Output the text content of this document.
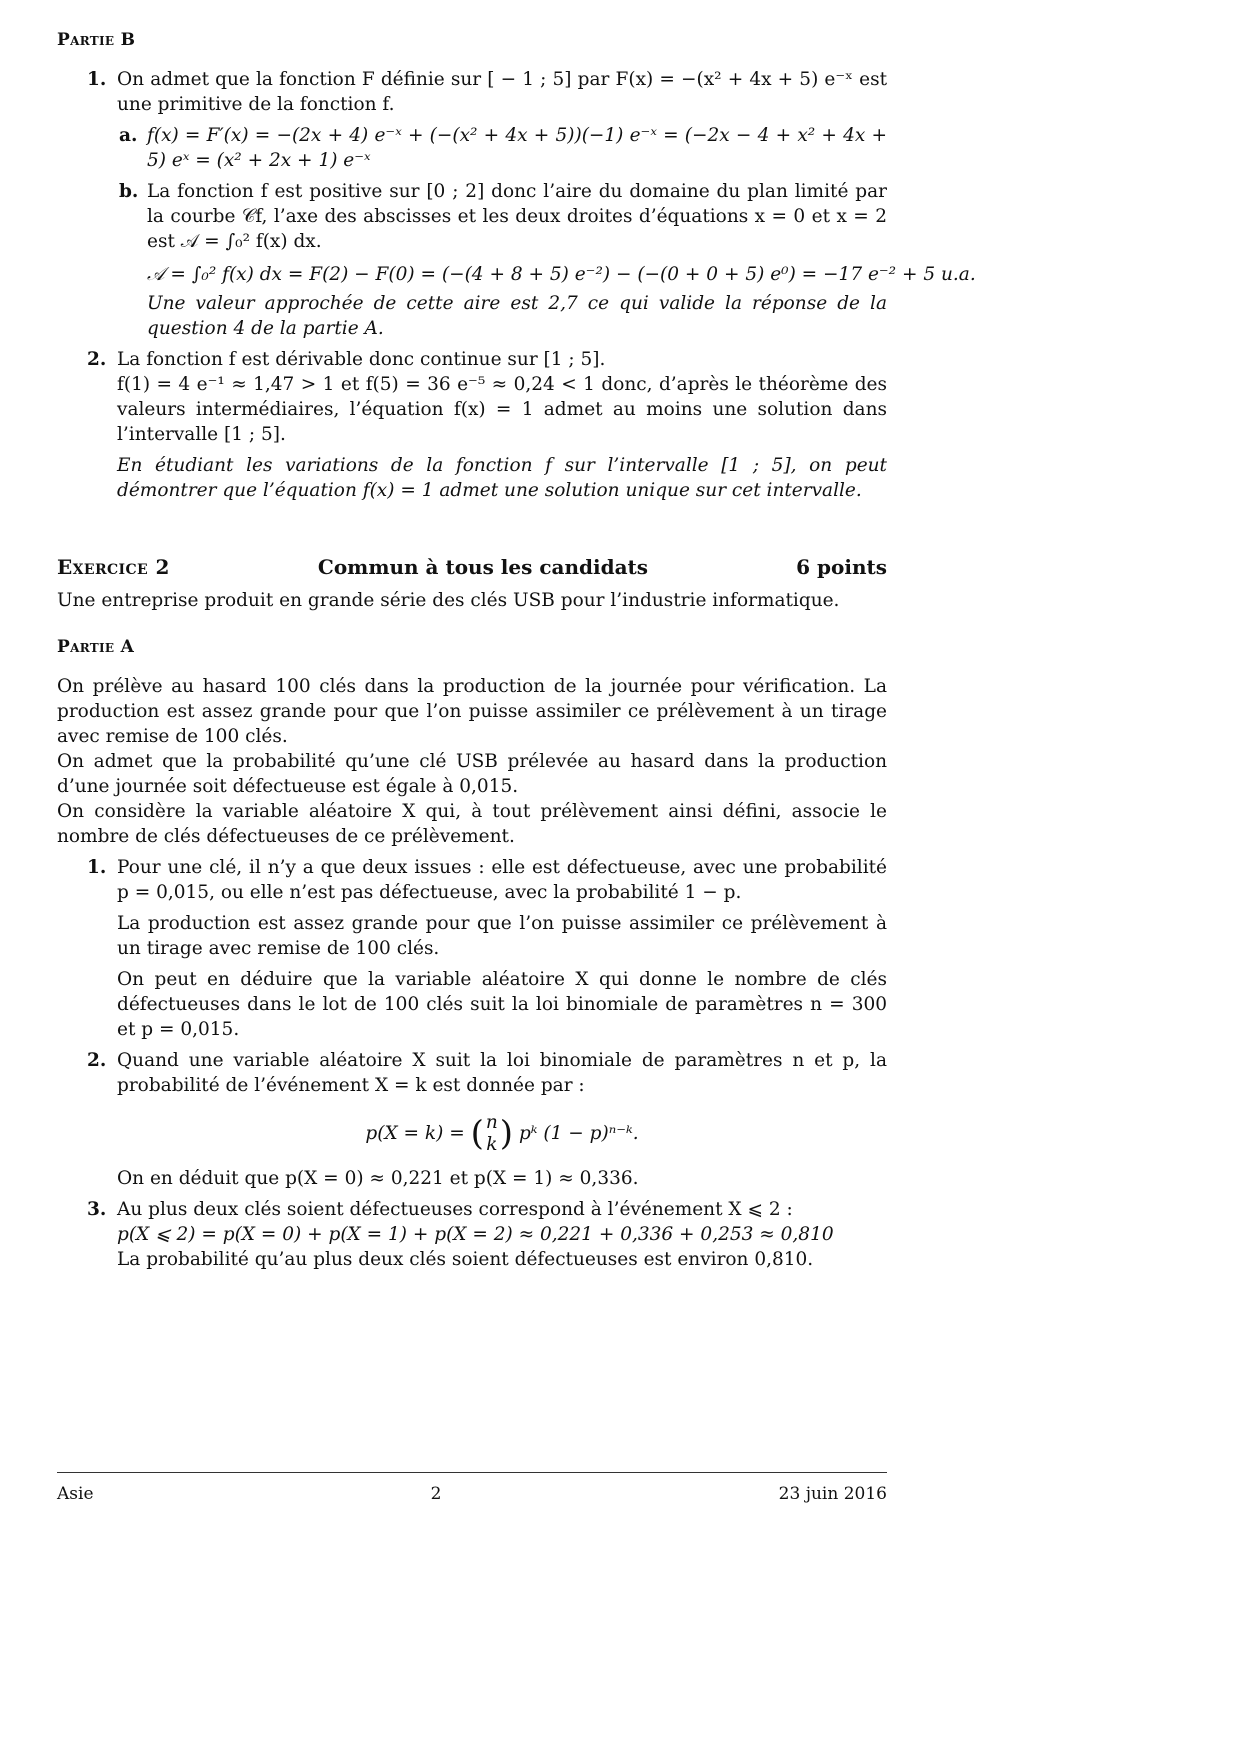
Partie B
1. On admet que la fonction F définie sur [ − 1 ; 5] par F(x) = −(x² + 4x + 5) e⁻ˣ est une primitive de la fonction f.

a. f(x) = F′(x) = −(2x + 4) e⁻ˣ + (−(x² + 4x + 5))(−1) e⁻ˣ = (−2x − 4 + x² + 4x + 5) eˣ = (x² + 2x + 1) e⁻ˣ

b. La fonction f est positive sur [0 ; 2] donc l’aire du domaine du plan limité par la courbe 𝒞f, l’axe des abscisses et les deux droites d’équations x = 0 et x = 2 est 𝒜 = ∫₀² f(x) dx.

𝒜 = ∫₀² f(x) dx = F(2) − F(0) = (−(4 + 8 + 5) e⁻²) − (−(0 + 0 + 5) e⁰) = −17 e⁻² + 5 u.a.

Une valeur approchée de cette aire est 2,7 ce qui valide la réponse de la question 4 de la partie A.

2. La fonction f est dérivable donc continue sur [1 ; 5].

f(1) = 4 e⁻¹ ≈ 1,47 > 1 et f(5) = 36 e⁻⁵ ≈ 0,24 < 1 donc, d’après le théorème des valeurs intermédiaires, l’équation f(x) = 1 admet au moins une solution dans l’intervalle [1 ; 5].

En étudiant les variations de la fonction f sur l’intervalle [1 ; 5], on peut démontrer que l’équation f(x) = 1 admet une solution unique sur cet intervalle.

Exercice 2	Commun à tous les candidats	6 points

Une entreprise produit en grande série des clés USB pour l’industrie informatique.

Partie A

On prélève au hasard 100 clés dans la production de la journée pour vérification. La production est assez grande pour que l’on puisse assimiler ce prélèvement à un tirage avec remise de 100 clés.

On admet que la probabilité qu’une clé USB prélevée au hasard dans la production d’une journée soit défectueuse est égale à 0,015.

On considère la variable aléatoire X qui, à tout prélèvement ainsi défini, associe le nombre de clés défectueuses de ce prélèvement.

1. Pour une clé, il n’y a que deux issues : elle est défectueuse, avec une probabilité p = 0,015, ou elle n’est pas défectueuse, avec la probabilité 1 − p.

La production est assez grande pour que l’on puisse assimiler ce prélèvement à un tirage avec remise de 100 clés.

On peut en déduire que la variable aléatoire X qui donne le nombre de clés défectueuses dans le lot de 100 clés suit la loi binomiale de paramètres n = 300 et p = 0,015.

2. Quand une variable aléatoire X suit la loi binomiale de paramètres n et p, la probabilité de l’événement X = k est donnée par :

p(X = k) = ( n
k ) pᵏ (1 − p)ⁿ⁻ᵏ.

On en déduit que p(X = 0) ≈ 0,221 et p(X = 1) ≈ 0,336.

3. Au plus deux clés soient défectueuses correspond à l’événement X ⩽ 2 :

p(X ⩽ 2) = p(X = 0) + p(X = 1) + p(X = 2) ≈ 0,221 + 0,336 + 0,253 ≈ 0,810

La probabilité qu’au plus deux clés soient défectueuses est environ 0,810.

Asie	2	23 juin 2016
